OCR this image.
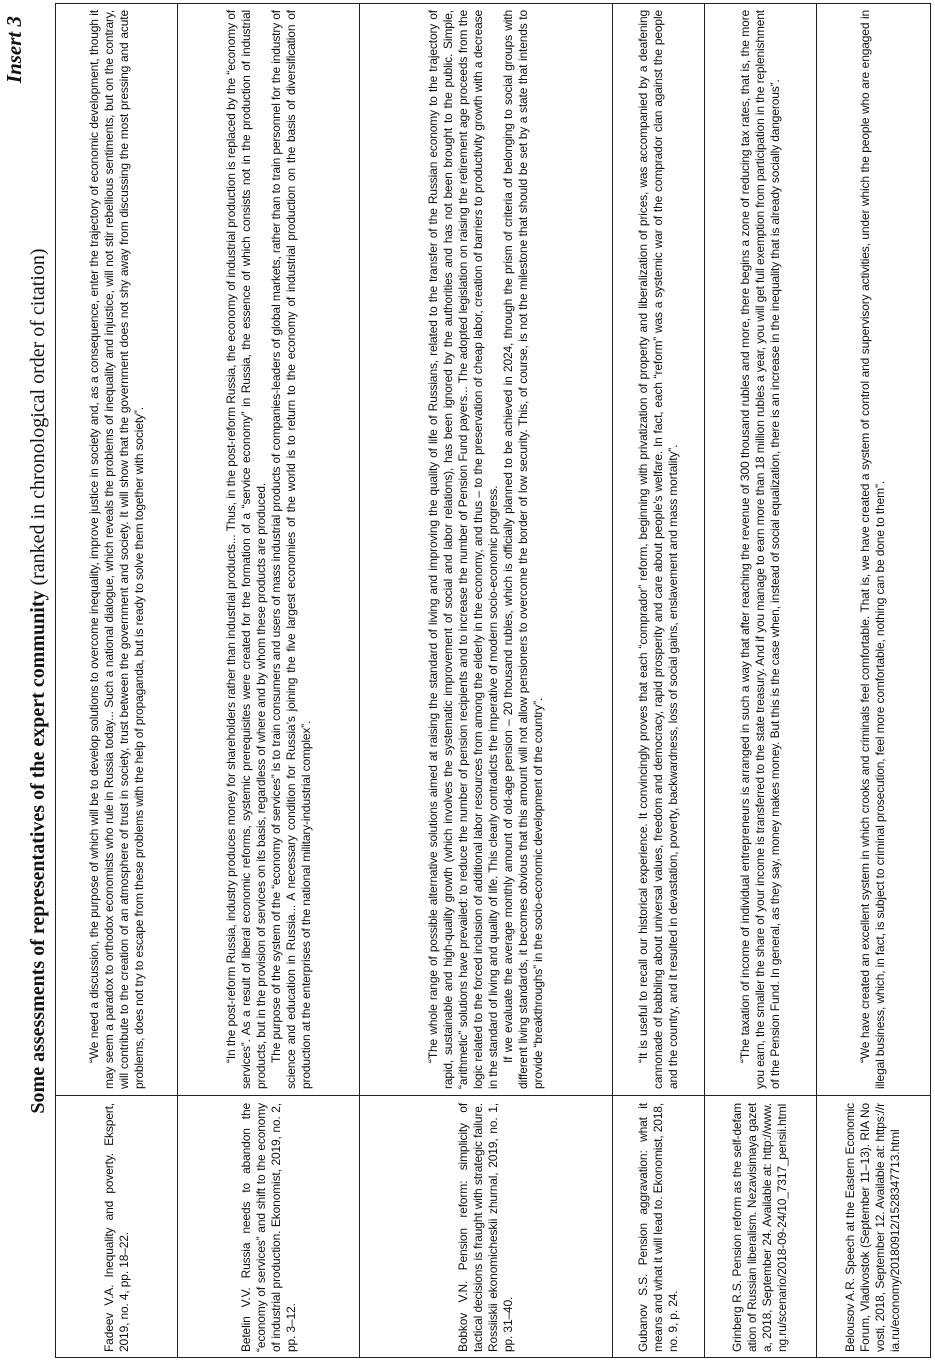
Insert 3
Some assessments of representatives of the expert community (ranked in chronological order of citation)
Fadeev V.A. Inequality and poverty. Ekspert, 2019, no. 4, pp. 18–22.	“We need a discussion, the purpose of which will be to develop solutions to overcome inequality, improve justice in society and, as a consequence, enter the trajectory of economic development, though it may seem a paradox to orthodox economists who rule in Russia today... Such a national dialogue, which reveals the problems of inequality and injustice, will not stir rebellious sentiments, but on the contrary, will contribute to the creation of an atmosphere of trust in society, trust between the government and society. It will show that the government does not shy away from discussing the most pressing and acute problems, does not try to escape from these problems with the help of propaganda, but is ready to solve them together with society”.

Betelin V.V. Russia needs to abandon the “economy of services” and shift to the economy of industrial production. Ekonomist, 2019, no. 2, pp. 3–12.	“In the post-reform Russia, industry produces money for shareholders rather than industrial products... Thus, in the post-reform Russia, the economy of industrial production is replaced by the “economy of services”. As a result of liberal economic reforms, systemic prerequisites were created for the formation of a “service economy” in Russia, the essence of which consists not in the production of industrial products, but in the provision of services on its basis, regardless of where and by whom these products are produced. The purpose of the system of the “economy of services” is to train consumers and users of mass industrial products of companies-leaders of global markets, rather than to train personnel for the industry of science and education in Russia... A necessary condition for Russia’s joining the five largest economies of the world is to return to the economy of industrial production on the basis of diversification of production at the enterprises of the national military-industrial complex”.

Bobkov V.N. Pension reform: simplicity of tactical decisions is fraught with strategic failure. Rossiiskii ekonomicheskii zhurnal, 2019, no. 1, pp. 31–40.	“The whole range of possible alternative solutions aimed at raising the standard of living and improving the quality of life of Russians, related to the transfer of the Russian economy to the trajectory of rapid, sustainable and high-quality growth (which involves the systematic improvement of social and labor relations), has been ignored by the authorities and has not been brought to the public. Simple, “arithmetic” solutions have prevailed: to reduce the number of pension recipients and to increase the number of Pension Fund payers... The adopted legislation on raising the retirement age proceeds from the logic related to the forced inclusion of additional labor resources from among the elderly in the economy, and thus – to the preservation of cheap labor, creation of barriers to productivity growth with a decrease in the standard of living and quality of life. This clearly contradicts the imperative of modern socio-economic progress. If we evaluate the average monthly amount of old-age pension – 20 thousand rubles, which is officially planned to be achieved in 2024, through the prism of criteria of belonging to social groups with different living standards, it becomes obvious that this amount will not allow pensioners to overcome the border of low security. This, of course, is not the milestone that should be set by a state that intends to provide “breakthroughs” in the socio-economic development of the country”.

Gubanov S.S. Pension aggravation: what it means and what it will lead to. Ekonomist, 2018, no. 9, p. 24.	“It is useful to recall our historical experience. It convincingly proves that each “comprador” reform, beginning with privatization of property and liberalization of prices, was accompanied by a deafening cannonade of babbling about universal values, freedom and democracy, rapid prosperity and care about people’s welfare. In fact, each “reform” was a systemic war of the comprador clan against the people and the country, and it resulted in devastation, poverty, backwardness, loss of social gains, enslavement and mass mortality”.

Grinberg R.S. Pension reform as the self-defamation of Russian liberalism. Nezavisimaya gazeta, 2018, September 24. Available at: http://www.ng.ru/scenario/2018-09-24/10_7317_pensii.html	“The taxation of income of individual entrepreneurs is arranged in such a way that after reaching the revenue of 300 thousand rubles and more, there begins a zone of reducing tax rates, that is, the more you earn, the smaller the share of your income is transferred to the state treasury. And if you manage to earn more than 18 million rubles a year, you will get full exemption from participation in the replenishment of the Pension Fund. In general, as they say, money makes money. But this is the case when, instead of social equalization, there is an increase in the inequality that is already socially dangerous”.

Belousov A.R. Speech at the Eastern Economic Forum, Vladivostok (September 11–13). RIA Novosti, 2018, September 12. Available at: https://ria.ru/economy/20180912/1528347713.html	“We have created an excellent system in which crooks and criminals feel comfortable. That is, we have created a system of control and supervisory activities, under which the people who are engaged in illegal business, which, in fact, is subject to criminal prosecution, feel more comfortable, nothing can be done to them”.
